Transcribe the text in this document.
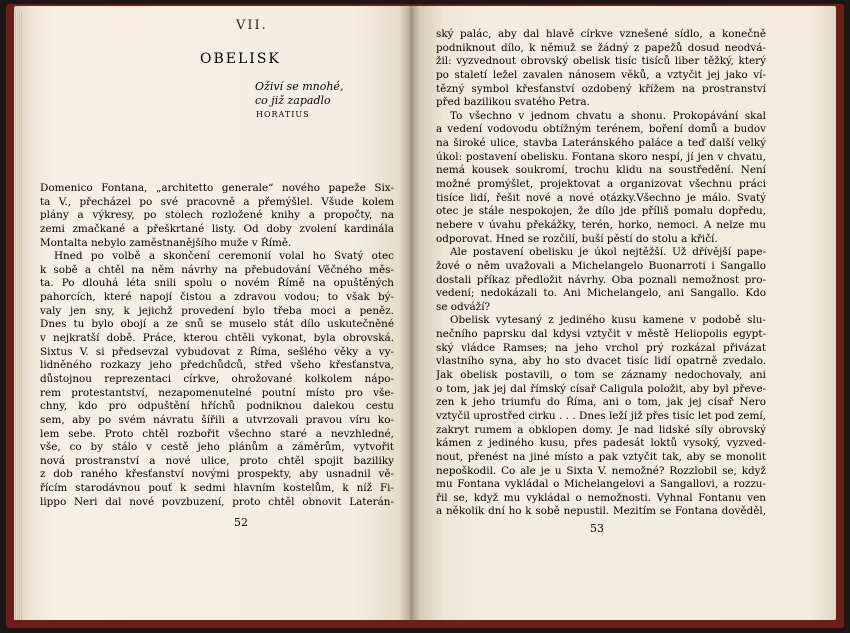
VII.
OBELISK
Oživí se mnohé,
co již zapadlo
HORATIUS
Domenico Fontana, „architetto generale“ nového papeže Six-
ta V., přecházel po své pracovně a přemýšlel. Všude kolem
plány a výkresy, po stolech rozložené knihy a propočty, na
zemi zmačkané a přeškrtané listy. Od doby zvolení kardinála
Montalta nebylo zaměstnanějšího muže v Římě.
Hned po volbě a skončení ceremonií volal ho Svatý otec
k sobě a chtěl na něm návrhy na přebudování Věčného měs-
ta. Po dlouhá léta snili spolu o novém Římě na opuštěných
pahorcích, které napojí čistou a zdravou vodou; to však bý-
valy jen sny, k jejichž provedení bylo třeba moci a peněz.
Dnes tu bylo obojí a ze snů se muselo stát dílo uskutečněné
v nejkratší době. Práce, kterou chtěli vykonat, byla obrovská.
Sixtus V. si předsevzal vybudovat z Říma, sešlého věky a vy-
lidněného rozkazy jeho předchůdců, střed všeho křesťanstva,
důstojnou reprezentaci církve, ohrožované kolkolem nápo-
rem protestantství, nezapomenutelné poutní místo pro vše-
chny, kdo pro odpuštění hříchů podniknou dalekou cestu
sem, aby po svém návratu šířili a utvrzovali pravou víru ko-
lem sebe. Proto chtěl rozbořit všechno staré a nevzhledné,
vše, co by stálo v cestě jeho plánům a záměrům, vytvořit
nová prostranství a nové ulice, proto chtěl spojit baziliky
z dob raného křesťanství novými prospekty, aby usnadnil vě-
řícím starodávnou pouť k sedmi hlavním kostelům, k níž Fi-
lippo Neri dal nové povzbuzení, proto chtěl obnovit Laterán-
ský palác, aby dal hlavě církve vznešené sídlo, a konečně
podniknout dílo, k němuž se žádný z papežů dosud neodvá-
žil: vyzvednout obrovský obelisk tisíc tisíců liber těžký, který
po staletí ležel zavalen nánosem věků, a vztyčit jej jako ví-
tězný symbol křesťanství ozdobený křížem na prostranství
před bazilikou svatého Petra.
To všechno v jednom chvatu a shonu. Prokopávání skal
a vedení vodovodu obtížným terénem, boření domů a budov
na široké ulice, stavba Lateránského paláce a teď další velký
úkol: postavení obelisku. Fontana skoro nespí, jí jen v chvatu,
nemá kousek soukromí, trochu klidu na soustředění. Není
možné promýšlet, projektovat a organizovat všechnu práci
tisíce lidí, řešit nové a nové otázky.Všechno je málo. Svatý
otec je stále nespokojen, že dílo jde příliš pomalu dopředu,
nebere v úvahu překážky, terén, horko, nemoci. A nelze mu
odporovat. Hned se rozčilí, buší pěstí do stolu a křičí.
Ale postavení obelisku je úkol nejtěžší. Už dřívější pape-
žové o něm uvažovali a Michelangelo Buonarroti i Sangallo
dostali příkaz předložit návrhy. Oba poznali nemožnost pro-
vedení; nedokázali to. Ani Michelangelo, ani Sangallo. Kdo
se odváží?
Obelisk vytesaný z jediného kusu kamene v podobě slu-
nečního paprsku dal kdysi vztyčit v městě Heliopolis egypt-
ský vládce Ramses; na jeho vrchol prý rozkázal přivázat
vlastního syna, aby ho sto dvacet tisíc lidí opatrně zvedalo.
Jak obelisk postavili, o tom se záznamy nedochovaly, ani
o tom, jak jej dal římský císař Caligula položit, aby byl převe-
zen k jeho triumfu do Říma, ani o tom, jak jej císař Nero
vztyčil uprostřed cirku . . . Dnes leží již přes tisíc let pod zemí,
zakryt rumem a obklopen domy. Je nad lidské síly obrovský
kámen z jediného kusu, přes padesát loktů vysoký, vyzved-
nout, přenést na jiné místo a pak vztyčit tak, aby se monolit
nepoškodil. Co ale je u Sixta V. nemožné? Rozzlobil se, když
mu Fontana vykládal o Michelangelovi a Sangallovi, a rozzu-
řil se, když mu vykládal o nemožnosti. Vyhnal Fontanu ven
a několik dní ho k sobě nepustil. Mezitím se Fontana dověděl,
52	53
